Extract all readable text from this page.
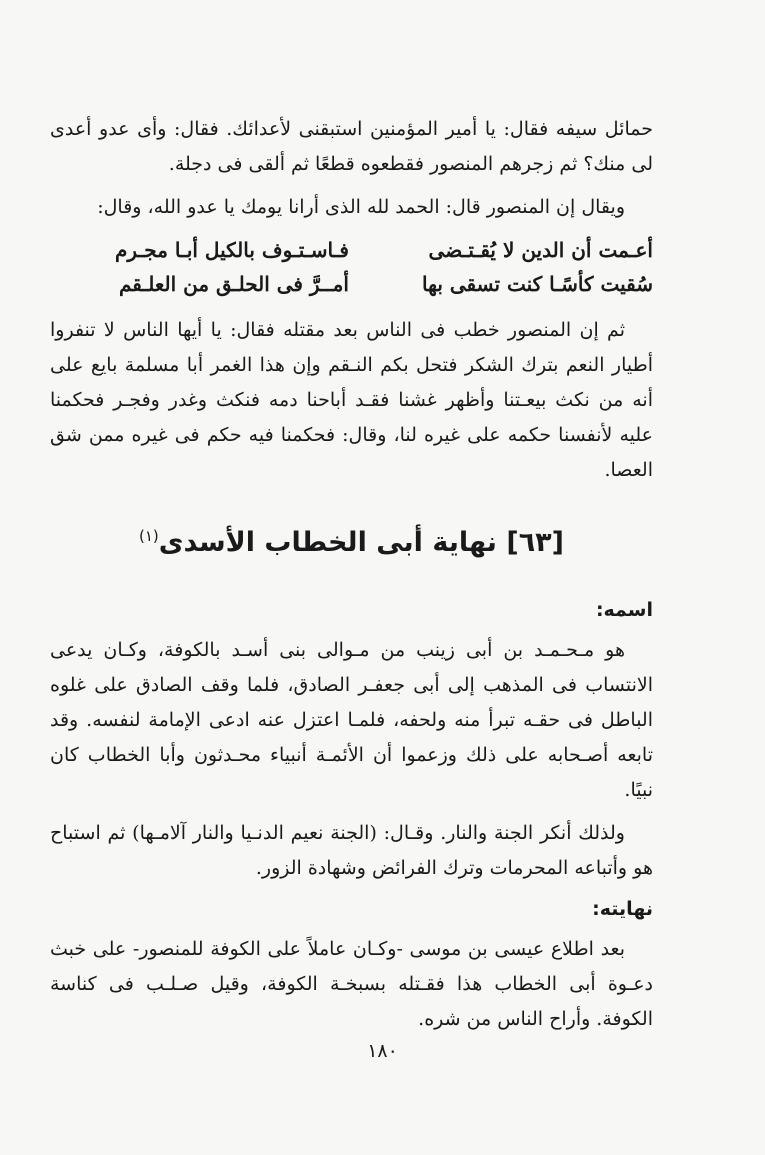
حمائل سيفه فقال: يا أمير المؤمنين استبقنى لأعدائك. فقال: وأى عدو أعدى لى منك؟ ثم زجرهم المنصور فقطعوه قطعًا ثم ألقى فى دجلة.

ويقال إن المنصور قال: الحمد لله الذى أرانا يومك يا عدو الله، وقال:

أعـمت أن الدين لا يُقـتـضى
فـاسـتـوف بالكيل أبـا مجـرم
سُقيت كأسًـا كنت تسقى بها
أمــرَّ فى الحلـق من العلـقم

ثم إن المنصور خطب فى الناس بعد مقتله فقال: يا أيها الناس لا تنفروا أطيار النعم بترك الشكر فتحل بكم النـقم وإن هذا الغمر أبا مسلمة بايع على أنه من نكث بيعـتنا وأظهر غشنا فقـد أباحنا دمه فنكث وغدر وفجـر فحكمنا عليه لأنفسنا حكمه على غيره لنا، وقال: فحكمنا فيه حكم فى غيره ممن شق العصا.

[٦٣] نهاية أبى الخطاب الأسدى$^{(١)}$
اسمه:

هو مـحـمـد بن أبى زينب من مـوالى بنى أسـد بالكوفة، وكـان يدعى الانتساب فى المذهب إلى أبى جعفـر الصادق، فلما وقف الصادق على غلوه الباطل فى حقـه تبرأ منه ولحفه، فلمـا اعتزل عنه ادعى الإمامة لنفسه. وقد تابعه أصـحابه على ذلك وزعموا أن الأئمـة أنبياء محـدثون وأبا الخطاب كان نبيًا.

ولذلك أنكر الجنة والنار. وقـال: (الجنة نعيم الدنـيا والنار آلامـها) ثم استباح هو وأتباعه المحرمات وترك الفرائض وشهادة الزور.

نهايته:

بعد اطلاع عيسى بن موسى -وكـان عاملاً على الكوفة للمنصور- على خبث دعـوة أبى الخطاب هذا فقـتله بسبخـة الكوفة، وقيل صـلـب فى كناسة الكوفة. وأراح الناس من شره.

١٨٠
